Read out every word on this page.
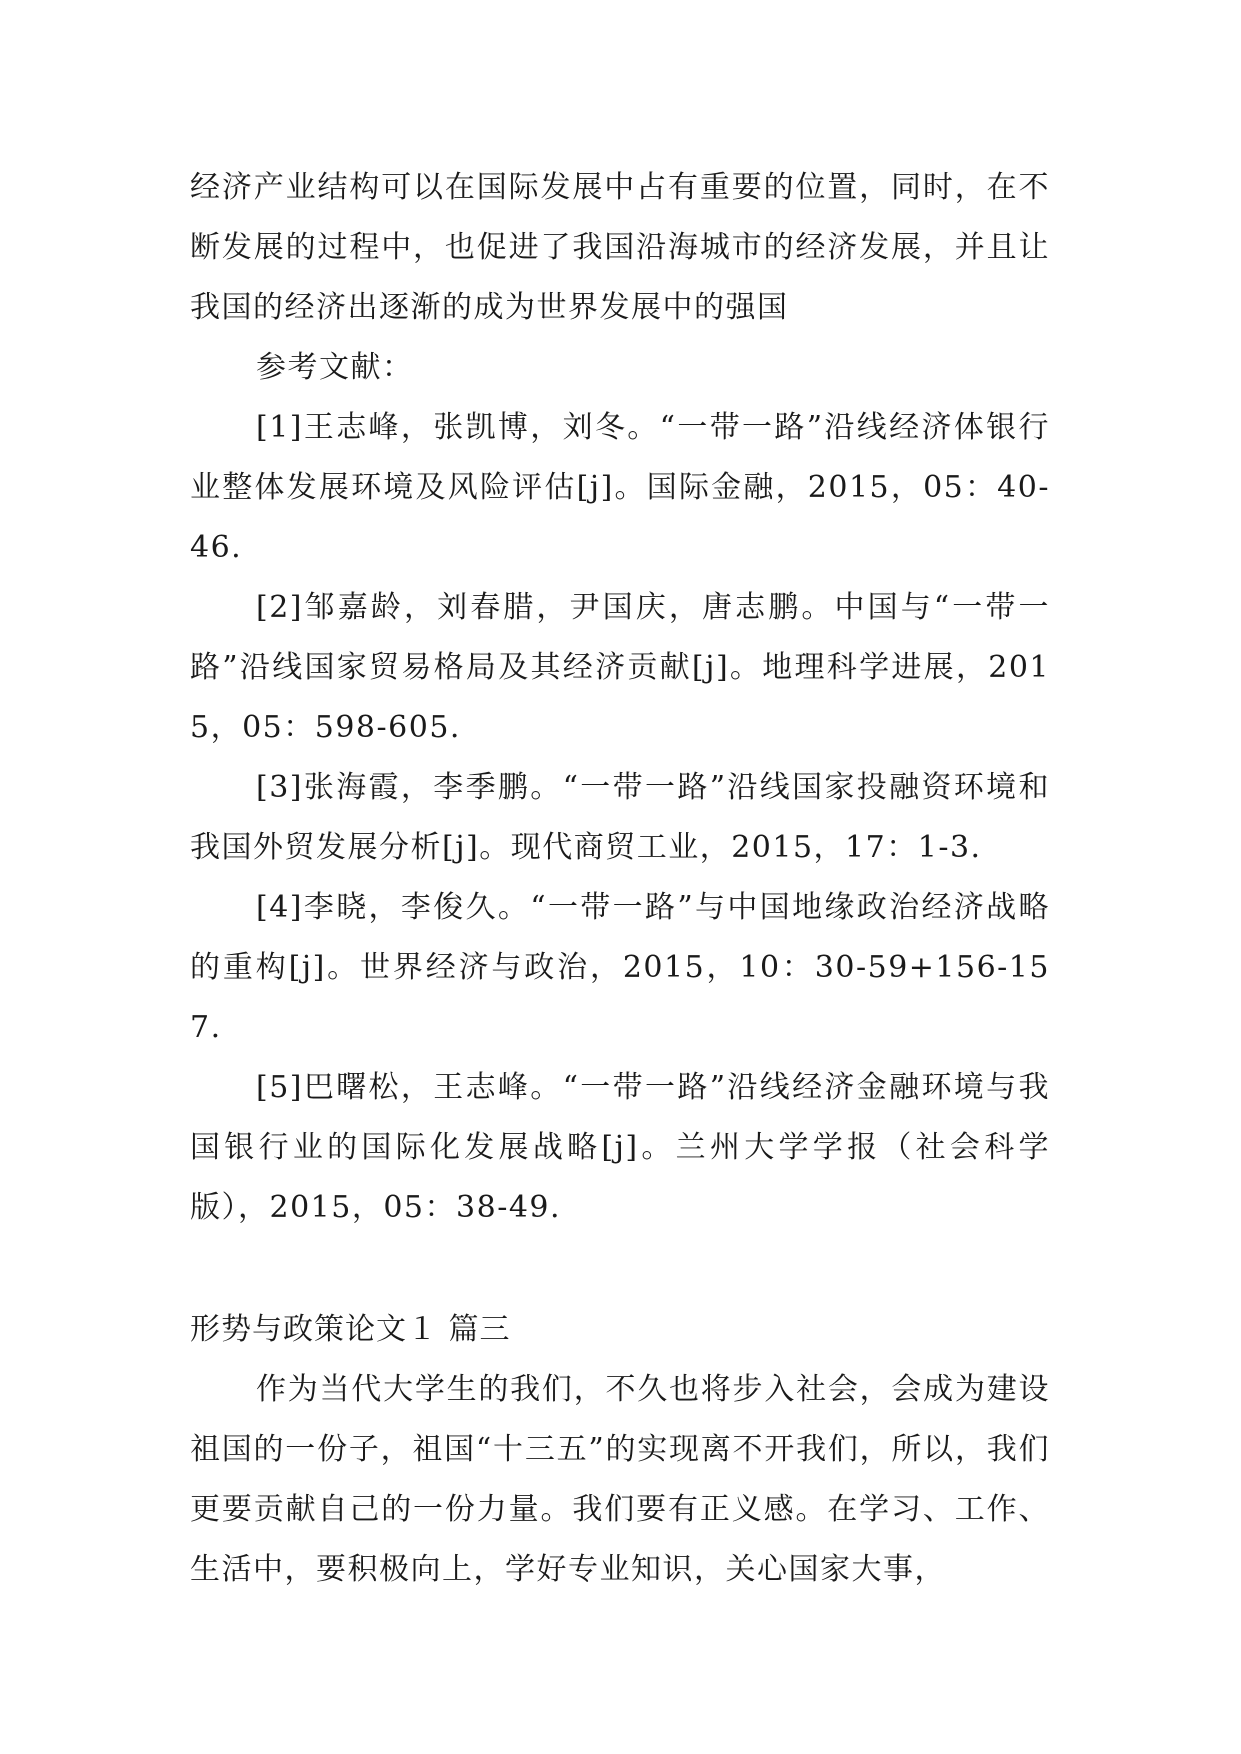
经济产业结构可以在国际发展中占有重要的位置，同时，在不断发展的过程中，也促进了我国沿海城市的经济发展，并且让我国的经济出逐渐的成为世界发展中的强国

参考文献：

[1]王志峰，张凯博，刘冬。“一带一路”沿线经济体银行业整体发展环境及风险评估[j]。国际金融，2015，05：40-46.

[2]邹嘉龄，刘春腊，尹国庆，唐志鹏。中国与“一带一路”沿线国家贸易格局及其经济贡献[j]。地理科学进展，2015，05：598-605.

[3]张海霞，李季鹏。“一带一路”沿线国家投融资环境和我国外贸发展分析[j]。现代商贸工业，2015，17：1-3.

[4]李晓，李俊久。“一带一路”与中国地缘政治经济战略的重构[j]。世界经济与政治，2015，10：30-59+156-157.

[5]巴曙松，王志峰。“一带一路”沿线经济金融环境与我国银行业的国际化发展战略[j]。兰州大学学报（社会科学版），2015，05：38-49.

形势与政策论文１ 篇三

作为当代大学生的我们，不久也将步入社会，会成为建设祖国的一份子，祖国“十三五”的实现离不开我们，所以，我们更要贡献自己的一份力量。我们要有正义感。在学习、工作、生活中，要积极向上，学好专业知识，关心国家大事，
